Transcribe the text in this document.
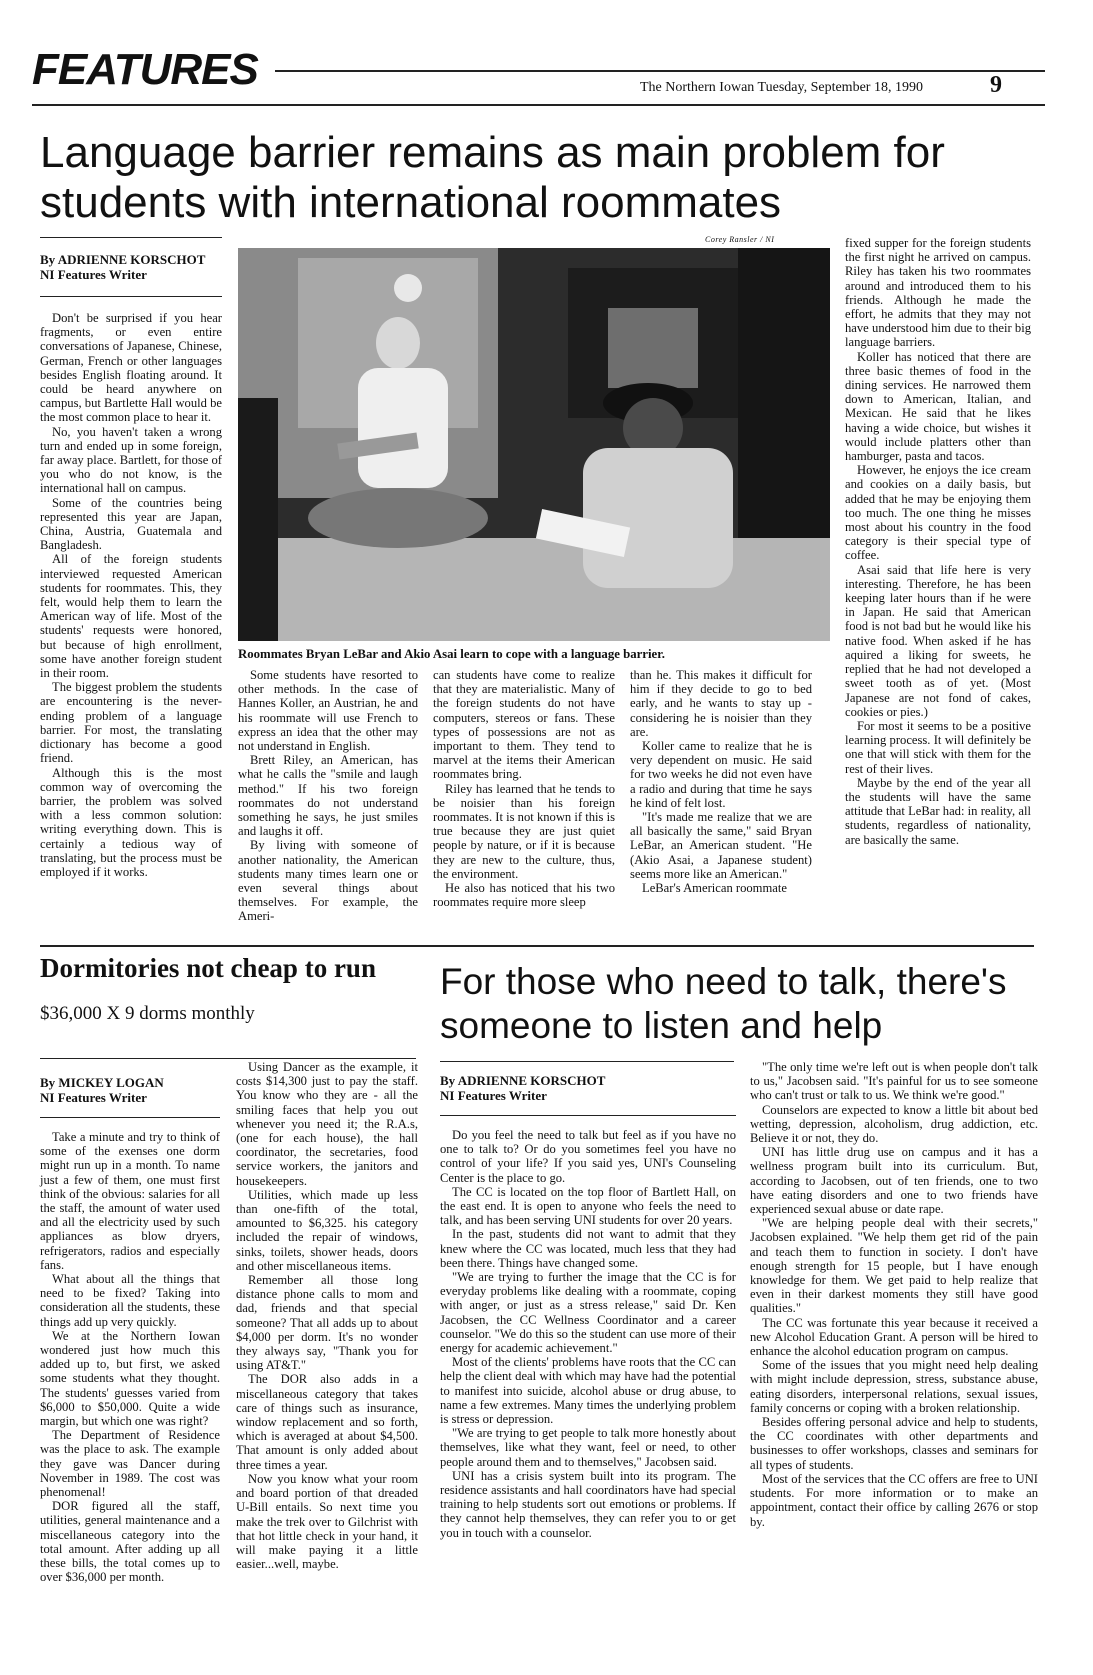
FEATURES	The Northern Iowan Tuesday, September 18, 1990	9
Language barrier remains as main problem for
students with international roommates

By ADRIENNE KORSCHOT

NI Features Writer

Don't be surprised if you hear fragments, or even entire conversations of Japanese, Chinese, German, French or other languages besides English floating around. It could be heard anywhere on campus, but Bartlette Hall would be the most common place to hear it.

No, you haven't taken a wrong turn and ended up in some foreign, far away place. Bartlett, for those of you who do not know, is the international hall on campus.

Some of the countries being represented this year are Japan, China, Austria, Guatemala and Bangladesh.

All of the foreign students interviewed requested American students for roommates. This, they felt, would help them to learn the American way of life. Most of the students' requests were honored, but because of high enrollment, some have another foreign student in their room.

The biggest problem the students are encountering is the never-ending problem of a language barrier. For most, the translating dictionary has become a good friend.

Although this is the most common way of overcoming the barrier, the problem was solved with a less common solution: writing everything down. This is certainly a tedious way of translating, but the process must be employed if it works.

Corey Ransler / NI
Roommates Bryan LeBar and Akio Asai learn to cope with a language barrier.

Some students have resorted to other methods. In the case of Hannes Koller, an Austrian, he and his roommate will use French to express an idea that the other may not understand in English.

Brett Riley, an American, has what he calls the "smile and laugh method." If his two foreign roommates do not understand something he says, he just smiles and laughs it off.

By living with someone of another nationality, the American students many times learn one or even several things about themselves. For example, the Ameri-

can students have come to realize that they are materialistic. Many of the foreign students do not have computers, stereos or fans. These types of possessions are not as important to them. They tend to marvel at the items their American roommates bring.

Riley has learned that he tends to be noisier than his foreign roommates. It is not known if this is true because they are just quiet people by nature, or if it is because they are new to the culture, thus, the environment.

He also has noticed that his two roommates require more sleep

than he. This makes it difficult for him if they decide to go to bed early, and he wants to stay up - considering he is noisier than they are.

Koller came to realize that he is very dependent on music. He said for two weeks he did not even have a radio and during that time he says he kind of felt lost.

"It's made me realize that we are all basically the same," said Bryan LeBar, an American student. "He (Akio Asai, a Japanese student) seems more like an American."

LeBar's American roommate

fixed supper for the foreign students the first night he arrived on campus. Riley has taken his two roommates around and introduced them to his friends. Although he made the effort, he admits that they may not have understood him due to their big language barriers.

Koller has noticed that there are three basic themes of food in the dining services. He narrowed them down to American, Italian, and Mexican. He said that he likes having a wide choice, but wishes it would include platters other than hamburger, pasta and tacos.

However, he enjoys the ice cream and cookies on a daily basis, but added that he may be enjoying them too much. The one thing he misses most about his country in the food category is their special type of coffee.

Asai said that life here is very interesting. Therefore, he has been keeping later hours than if he were in Japan. He said that American food is not bad but he would like his native food. When asked if he has aquired a liking for sweets, he replied that he had not developed a sweet tooth as of yet. (Most Japanese are not fond of cakes, cookies or pies.)

For most it seems to be a positive learning process. It will definitely be one that will stick with them for the rest of their lives.

Maybe by the end of the year all the students will have the same attitude that LeBar had: in reality, all students, regardless of nationality, are basically the same.

Dormitories not cheap to run
$36,000 X 9 dorms monthly

By MICKEY LOGAN

NI Features Writer

Take a minute and try to think of some of the exenses one dorm might run up in a month. To name just a few of them, one must first think of the obvious: salaries for all the staff, the amount of water used and all the electricity used by such appliances as blow dryers, refrigerators, radios and especially fans.

What about all the things that need to be fixed? Taking into consideration all the students, these things add up very quickly.

We at the Northern Iowan wondered just how much this added up to, but first, we asked some students what they thought. The students' guesses varied from $6,000 to $50,000. Quite a wide margin, but which one was right?

The Department of Residence was the place to ask. The example they gave was Dancer during November in 1989. The cost was phenomenal!

DOR figured all the staff, utilities, general maintenance and a miscellaneous category into the total amount. After adding up all these bills, the total comes up to over $36,000 per month.

Using Dancer as the example, it costs $14,300 just to pay the staff. You know who they are - all the smiling faces that help you out whenever you need it; the R.A.s, (one for each house), the hall coordinator, the secretaries, food service workers, the janitors and housekeepers.

Utilities, which made up less than one-fifth of the total, amounted to $6,325. his category included the repair of windows, sinks, toilets, shower heads, doors and other miscellaneous items.

Remember all those long distance phone calls to mom and dad, friends and that special someone? That all adds up to about $4,000 per dorm. It's no wonder they always say, "Thank you for using AT&T."

The DOR also adds in a miscellaneous category that takes care of things such as insurance, window replacement and so forth, which is averaged at about $4,500. That amount is only added about three times a year.

Now you know what your room and board portion of that dreaded U-Bill entails. So next time you make the trek over to Gilchrist with that hot little check in your hand, it will make paying it a little easier...well, maybe.

For those who need to talk, there's
someone to listen and help

By ADRIENNE KORSCHOT

NI Features Writer

Do you feel the need to talk but feel as if you have no one to talk to? Or do you sometimes feel you have no control of your life? If you said yes, UNI's Counseling Center is the place to go.

The CC is located on the top floor of Bartlett Hall, on the east end. It is open to anyone who feels the need to talk, and has been serving UNI students for over 20 years.

In the past, students did not want to admit that they knew where the CC was located, much less that they had been there. Things have changed some.

"We are trying to further the image that the CC is for everyday problems like dealing with a roommate, coping with anger, or just as a stress release," said Dr. Ken Jacobsen, the CC Wellness Coordinator and a career counselor. "We do this so the student can use more of their energy for academic achievement."

Most of the clients' problems have roots that the CC can help the client deal with which may have had the potential to manifest into suicide, alcohol abuse or drug abuse, to name a few extremes. Many times the underlying problem is stress or depression.

"We are trying to get people to talk more honestly about themselves, like what they want, feel or need, to other people around them and to themselves," Jacobsen said.

UNI has a crisis system built into its program. The residence assistants and hall coordinators have had special training to help students sort out emotions or problems. If they cannot help themselves, they can refer you to or get you in touch with a counselor.

"The only time we're left out is when people don't talk to us," Jacobsen said. "It's painful for us to see someone who can't trust or talk to us. We think we're good."

Counselors are expected to know a little bit about bed wetting, depression, alcoholism, drug addiction, etc. Believe it or not, they do.

UNI has little drug use on campus and it has a wellness program built into its curriculum. But, according to Jacobsen, out of ten friends, one to two have eating disorders and one to two friends have experienced sexual abuse or date rape.

"We are helping people deal with their secrets," Jacobsen explained. "We help them get rid of the pain and teach them to function in society. I don't have enough strength for 15 people, but I have enough knowledge for them. We get paid to help realize that even in their darkest moments they still have good qualities."

The CC was fortunate this year because it received a new Alcohol Education Grant. A person will be hired to enhance the alcohol education program on campus.

Some of the issues that you might need help dealing with might include depression, stress, substance abuse, eating disorders, interpersonal relations, sexual issues, family concerns or coping with a broken relationship.

Besides offering personal advice and help to students, the CC coordinates with other departments and businesses to offer workshops, classes and seminars for all types of students.

Most of the services that the CC offers are free to UNI students. For more information or to make an appointment, contact their office by calling 2676 or stop by.
